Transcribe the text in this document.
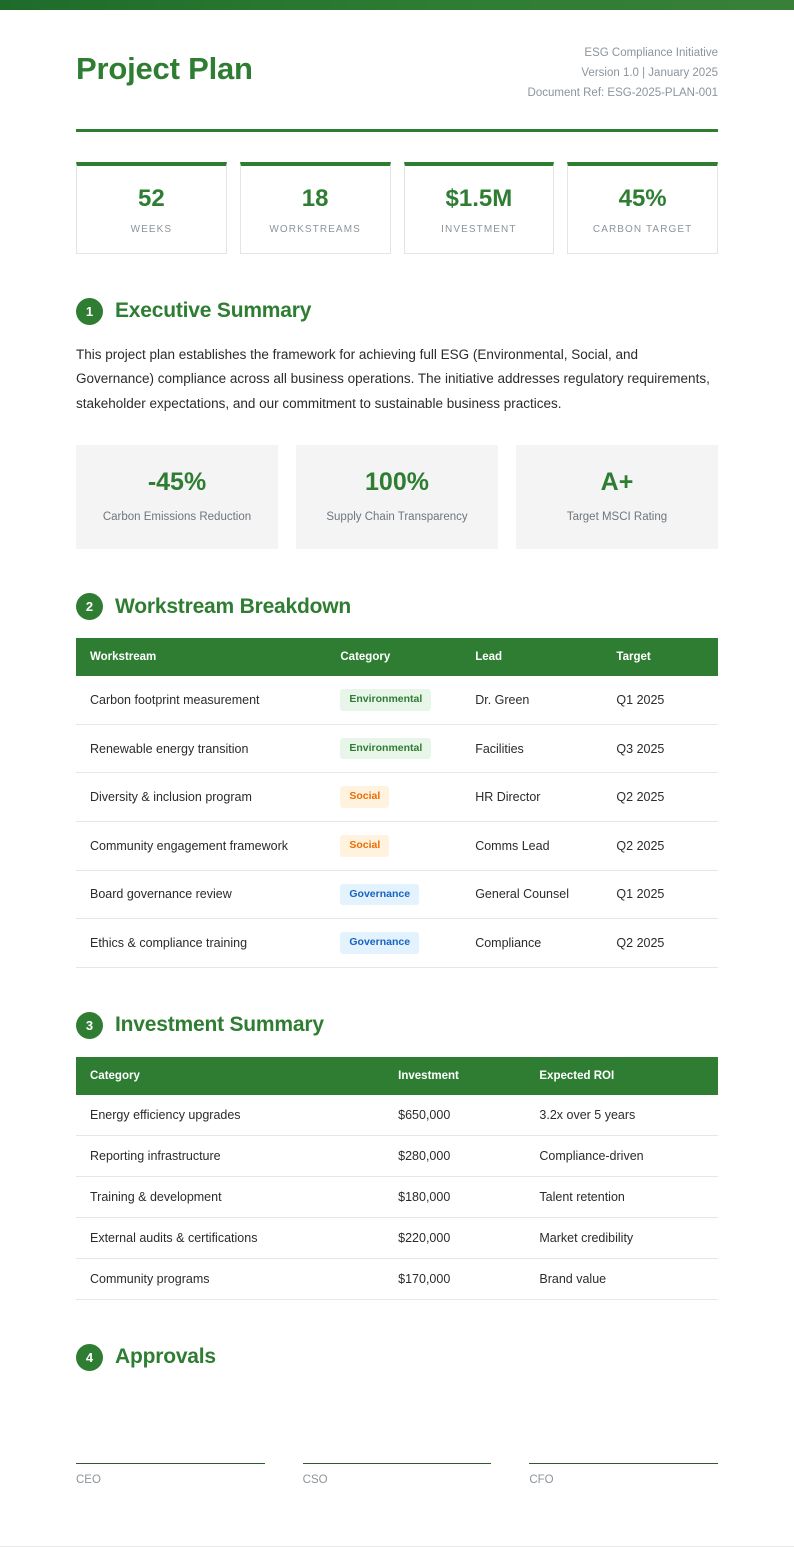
Project Plan	ESG Compliance Initiative
Version 1.0 | January 2025
Document Ref: ESG-2025-PLAN-001
52
WEEKS
18
WORKSTREAMS
$1.5M
INVESTMENT
45%
CARBON TARGET
1	Executive Summary

This project plan establishes the framework for achieving full ESG (Environmental, Social, and Governance) compliance across all business operations. The initiative addresses regulatory requirements, stakeholder expectations, and our commitment to sustainable business practices.

-45%
Carbon Emissions Reduction
100%
Supply Chain Transparency
A+
Target MSCI Rating
2	Workstream Breakdown
Workstream	Category	Lead	Target
Carbon footprint measurement	Environmental	Dr. Green	Q1 2025
Renewable energy transition	Environmental	Facilities	Q3 2025
Diversity & inclusion program	Social	HR Director	Q2 2025
Community engagement framework	Social	Comms Lead	Q2 2025
Board governance review	Governance	General Counsel	Q1 2025
Ethics & compliance training	Governance	Compliance	Q2 2025
3	Investment Summary
Category	Investment	Expected ROI
Energy efficiency upgrades	$650,000	3.2x over 5 years
Reporting infrastructure	$280,000	Compliance-driven
Training & development	$180,000	Talent retention
External audits & certifications	$220,000	Market credibility
Community programs	$170,000	Brand value
4	Approvals
CEO	CSO	CFO
